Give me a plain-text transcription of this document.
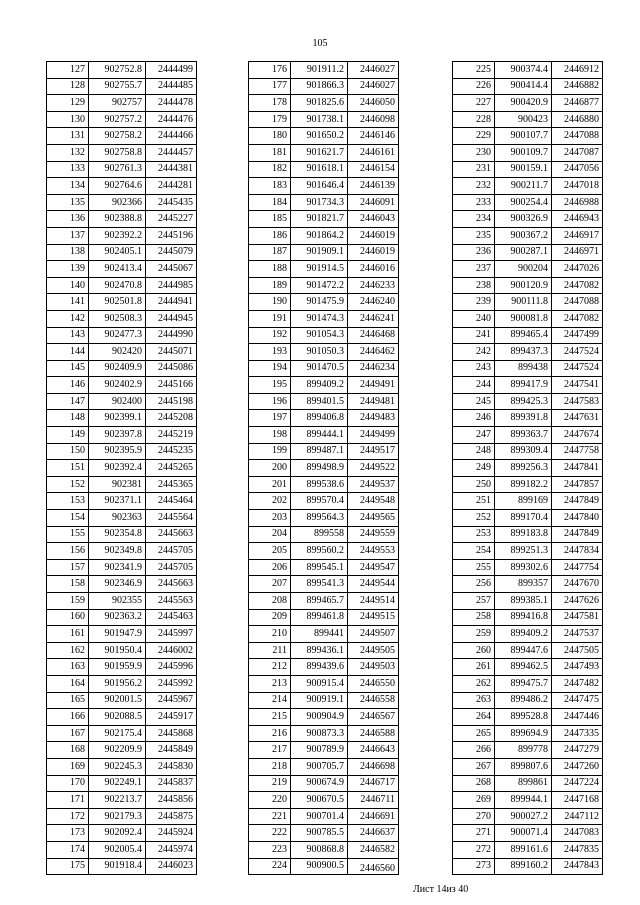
105
127	902752.8	2444499
128	902755.7	2444485
129	902757	2444478
130	902757.2	2444476
131	902758.2	2444466
132	902758.8	2444457
133	902761.3	2444381
134	902764.6	2444281
135	902366	2445435
136	902388.8	2445227
137	902392.2	2445196
138	902405.1	2445079
139	902413.4	2445067
140	902470.8	2444985
141	902501.8	2444941
142	902508.3	2444945
143	902477.3	2444990
144	902420	2445071
145	902409.9	2445086
146	902402.9	2445166
147	902400	2445198
148	902399.1	2445208
149	902397.8	2445219
150	902395.9	2445235
151	902392.4	2445265
152	902381	2445365
153	902371.1	2445464
154	902363	2445564
155	902354.8	2445663
156	902349.8	2445705
157	902341.9	2445705
158	902346.9	2445663
159	902355	2445563
160	902363.2	2445463
161	901947.9	2445997
162	901950.4	2446002
163	901959.9	2445996
164	901956.2	2445992
165	902001.5	2445967
166	902088.5	2445917
167	902175.4	2445868
168	902209.9	2445849
169	902245.3	2445830
170	902249.1	2445837
171	902213.7	2445856
172	902179.3	2445875
173	902092.4	2445924
174	902005.4	2445974
175	901918.4	2446023
176	901911.2	2446027
177	901866.3	2446027
178	901825.6	2446050
179	901738.1	2446098
180	901650.2	2446146
181	901621.7	2446161
182	901618.1	2446154
183	901646.4	2446139
184	901734.3	2446091
185	901821.7	2446043
186	901864.2	2446019
187	901909.1	2446019
188	901914.5	2446016
189	901472.2	2446233
190	901475.9	2446240
191	901474.3	2446241
192	901054.3	2446468
193	901050.3	2446462
194	901470.5	2446234
195	899409.2	2449491
196	899401.5	2449481
197	899406.8	2449483
198	899444.1	2449499
199	899487.1	2449517
200	899498.9	2449522
201	899538.6	2449537
202	899570.4	2449548
203	899564.3	2449565
204	899558	2449559
205	899560.2	2449553
206	899545.1	2449547
207	899541.3	2449544
208	899465.7	2449514
209	899461.8	2449515
210	899441	2449507
211	899436.1	2449505
212	899439.6	2449503
213	900915.4	2446550
214	900919.1	2446558
215	900904.9	2446567
216	900873.3	2446588
217	900789.9	2446643
218	900705.7	2446698
219	900674.9	2446717
220	900670.5	2446711
221	900701.4	2446691
222	900785.5	2446637
223	900868.8	2446582
224	900900.5	2446560
225	900374.4	2446912
226	900414.4	2446882
227	900420.9	2446877
228	900423	2446880
229	900107.7	2447088
230	900109.7	2447087
231	900159.1	2447056
232	900211.7	2447018
233	900254.4	2446988
234	900326.9	2446943
235	900367.2	2446917
236	900287.1	2446971
237	900204	2447026
238	900120.9	2447082
239	900111.8	2447088
240	900081.8	2447082
241	899465.4	2447499
242	899437.3	2447524
243	899438	2447524
244	899417.9	2447541
245	899425.3	2447583
246	899391.8	2447631
247	899363.7	2447674
248	899309.4	2447758
249	899256.3	2447841
250	899182.2	2447857
251	899169	2447849
252	899170.4	2447840
253	899183.8	2447849
254	899251.3	2447834
255	899302.6	2447754
256	899357	2447670
257	899385.1	2447626
258	899416.8	2447581
259	899409.2	2447537
260	899447.6	2447505
261	899462.5	2447493
262	899475.7	2447482
263	899486.2	2447475
264	899528.8	2447446
265	899694.9	2447335
266	899778	2447279
267	899807.6	2447260
268	899861	2447224
269	899944.1	2447168
270	900027.2	2447112
271	900071.4	2447083
272	899161.6	2447835
273	899160.2	2447843
Лист 14из 40
